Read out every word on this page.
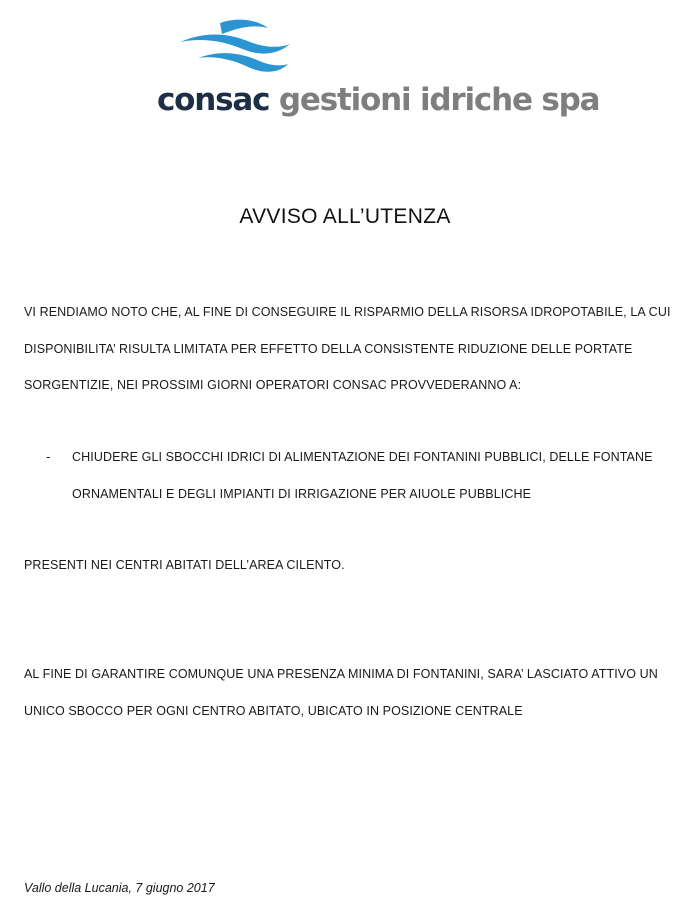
consac gestioni idriche spa
AVVISO ALL’UTENZA
VI RENDIAMO NOTO CHE, AL FINE DI CONSEGUIRE IL RISPARMIO DELLA RISORSA IDROPOTABILE, LA CUI
DISPONIBILITA’ RISULTA LIMITATA PER EFFETTO DELLA CONSISTENTE RIDUZIONE DELLE PORTATE
SORGENTIZIE, NEI PROSSIMI GIORNI OPERATORI CONSAC PROVVEDERANNO A:
- CHIUDERE GLI SBOCCHI IDRICI DI ALIMENTAZIONE DEI FONTANINI PUBBLICI, DELLE FONTANE
ORNAMENTALI E DEGLI IMPIANTI DI IRRIGAZIONE PER AIUOLE PUBBLICHE
PRESENTI NEI CENTRI ABITATI DELL’AREA CILENTO.
AL FINE DI GARANTIRE COMUNQUE UNA PRESENZA MINIMA DI FONTANINI, SARA’ LASCIATO ATTIVO UN
UNICO SBOCCO PER OGNI CENTRO ABITATO, UBICATO IN POSIZIONE CENTRALE
Vallo della Lucania, 7 giugno 2017
